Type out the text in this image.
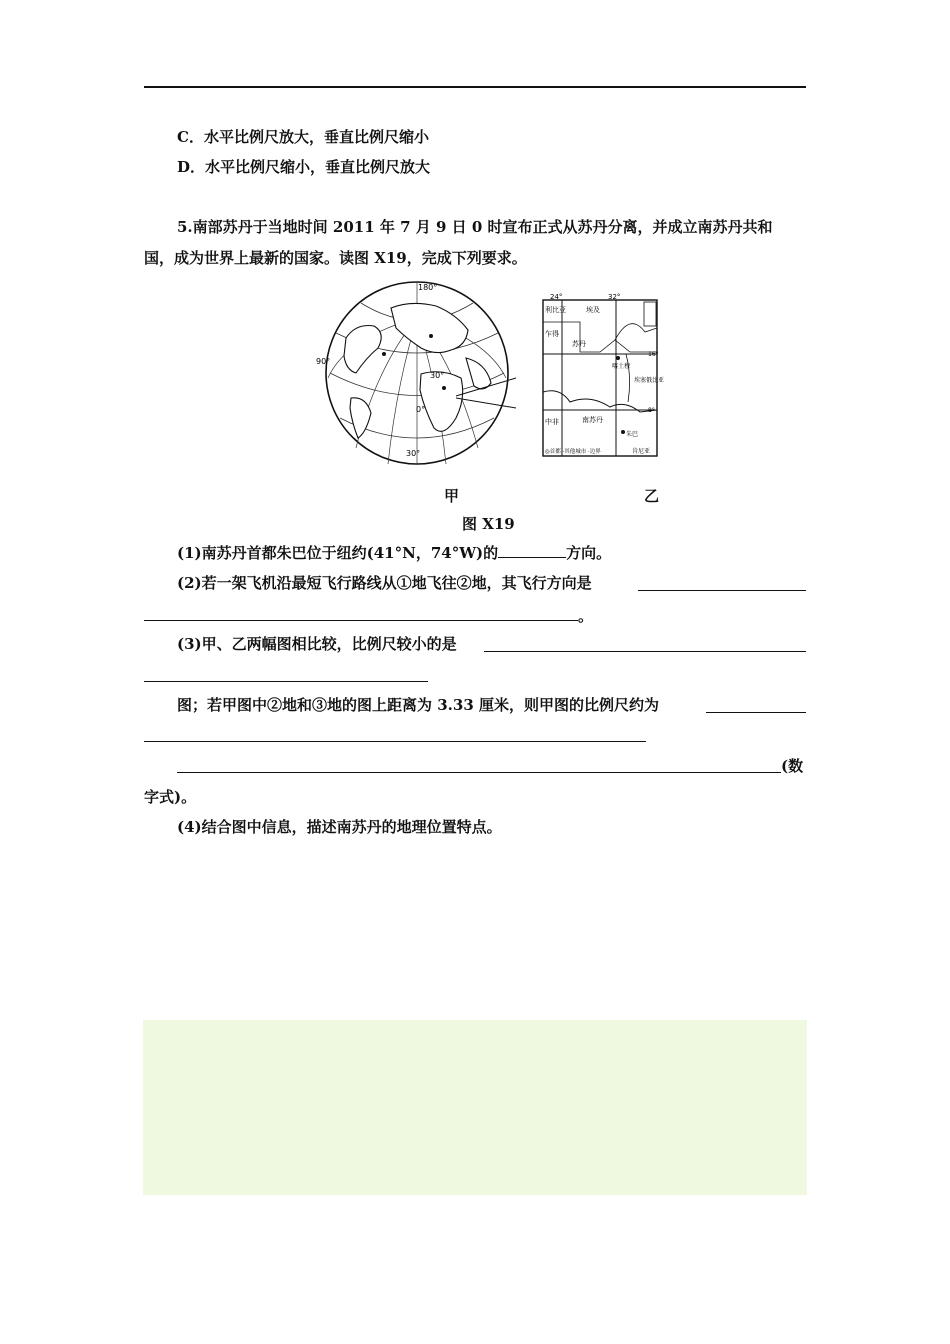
C．水平比例尺放大，垂直比例尺缩小
D．水平比例尺缩小，垂直比例尺放大
5.南部苏丹于当地时间 2011 年 7 月 9 日 0 时宣布正式从苏丹分离，并成立南苏丹共和
国，成为世界上最新的国家。读图 X19，完成下列要求。
180°
90°
30°
0°
30°
24°	32°
16°
8°
利比亚	埃及
乍得
苏丹
喀土穆
埃塞俄比亚
南苏丹
中非
朱巴
◎首都 ·其他城市 ·边界	肯尼亚
甲	乙
图 X19
(1)南苏丹首都朱巴位于纽约(41°N，74°W)的	方向。
(2)若一架飞机沿最短飞行路线从①地飞往②地，其飞行方向是
。
(3)甲、乙两幅图相比较，比例尺较小的是
图；若甲图中②地和③地的图上距离为 3.33 厘米，则甲图的比例尺约为
(数
字式)。
(4)结合图中信息，描述南苏丹的地理位置特点。
